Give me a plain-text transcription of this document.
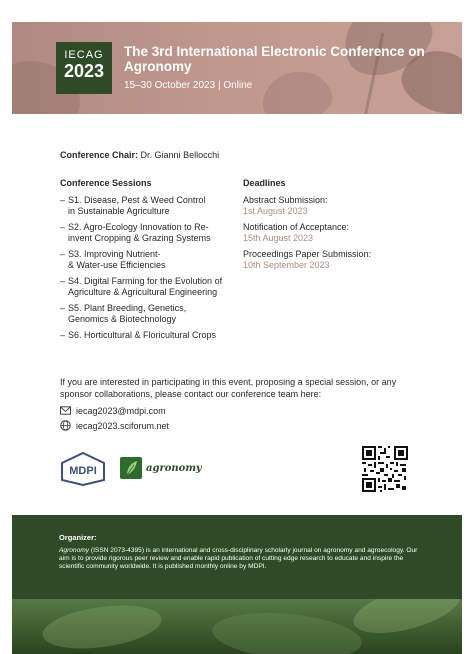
IECAG
2023
The 3rd International Electronic Conference on Agronomy
15–30 October 2023 | Online
Conference Chair: Dr. Gianni Bellocchi
Conference Sessions
– S1. Disease, Pest & Weed Control
in Sustainable Agriculture
– S2. Agro-Ecology Innovation to Re-
invent Cropping & Grazing Systems
– S3. Improving Nutrient-
& Water-use Efficiencies
– S4. Digital Farming for the Evolution of
Agriculture & Agricultural Engineering
– S5. Plant Breeding, Genetics,
Genomics & Biotechnology
– S6. Horticultural & Floricultural Crops
Deadlines
Abstract Submission:
1st August 2023
Notification of Acceptance:
15th August 2023
Proceedings Paper Submission:
10th September 2023
If you are interested in participating in this event, proposing a special session, or any sponsor collaborations, please contact our conference team here:
iecag2023@mdpi.com
iecag2023.sciforum.net
MDPI	agronomy
Organizer:
Agronomy (ISSN 2073-4395) is an international and cross-disciplinary scholarly journal on agronomy and agroecology. Our aim is to provide rigorous peer review and enable rapid publication of cutting edge research to educate and inspire the scientific community worldwide. It is published monthly online by MDPI.
